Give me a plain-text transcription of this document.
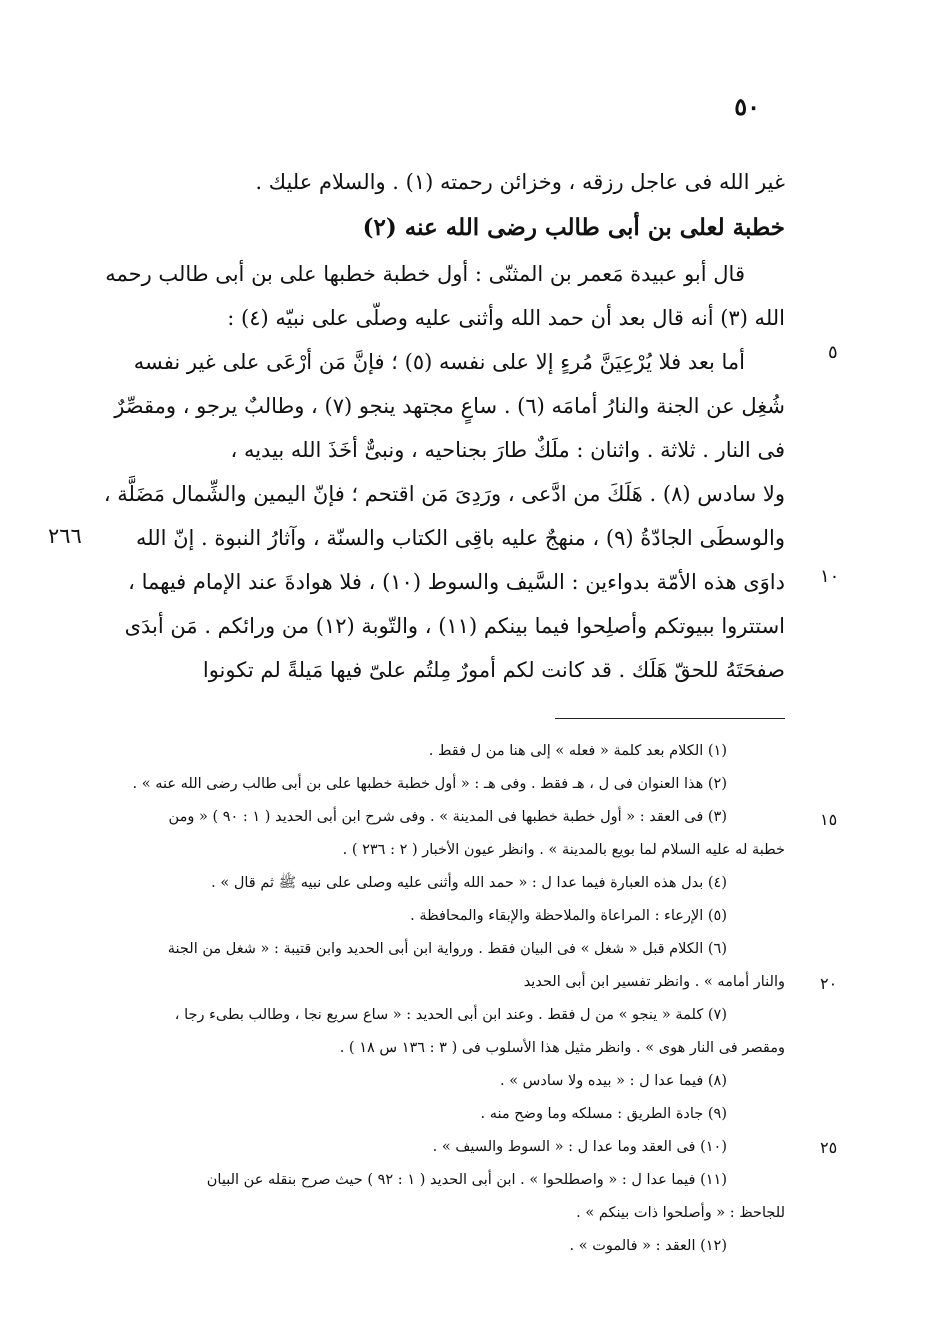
٥٠
غير الله فى عاجل رزقه ، وخزائن رحمته (١) . والسلام عليك .
خطبة لعلى بن أبى طالب رضى الله عنه (٢)
قال أبو عبيدة مَعمر بن المثنّى : أول خطبة خطبها على بن أبى طالب رحمه
الله (٣) أنه قال بعد أن حمد الله وأثنى عليه وصلّى على نبيّه (٤) :
أما بعد فلا يُرْعِيَنَّ مُرءٍ إلا على نفسه (٥) ؛ فإنَّ مَن أرْعَى على غير نفسه
شُغِل عن الجنة والنارُ أمامَه (٦) . ساعٍ مجتهد ينجو (٧) ، وطالبٌ يرجو ، ومقصِّرٌ
فى النار . ثلاثة . واثنان : ملَكٌ طارَ بجناحيه ، ونبىٌّ أخَذَ الله بيديه ،
ولا سادس (٨) . هَلَكَ من ادَّعى ، ورَدِىَ مَن اقتحم ؛ فإنّ اليمين والشِّمال مَضَلَّة ،
والوسطَى الجادّةُ (٩) ، منهجٌ عليه باقِى الكتاب والسنّة ، وآثارُ النبوة . إنّ الله
داوَى هذه الأمّة بدواءين : السَّيف والسوط (١٠) ، فلا هوادةَ عند الإمام فيهما ،
استتروا ببيوتكم وأصلِحوا فيما بينكم (١١) ، والتّوبة (١٢) من ورائكم . مَن أبدَى
صفحَتَهُ للحقّ هَلَك . قد كانت لكم أمورٌ مِلتُم علىّ فيها مَيلةً لم تكونوا
٥
١٠
٢٦٦
(١) الكلام بعد كلمة « فعله » إلى هنا من ل فقط .
(٢) هذا العنوان فى ل ، هـ فقط . وفى هـ : « أول خطبة خطبها على بن أبى طالب رضى الله عنه » .
(٣) فى العقد : « أول خطبة خطبها فى المدينة » . وفى شرح ابن أبى الحديد ( ١ : ٩٠ ) « ومن
خطبة له عليه السلام لما بويع بالمدينة » . وانظر عيون الأخبار ( ٢ : ٢٣٦ ) .
(٤) بدل هذه العبارة فيما عدا ل : « حمد الله وأثنى عليه وصلى على نبيه ﷺ ثم قال » .
(٥) الإرعاء : المراعاة والملاحظة والإبقاء والمحافظة .
(٦) الكلام قبل « شغل » فى البيان فقط . ورواية ابن أبى الحديد وابن قتيبة : « شغل من الجنة
والنار أمامه » . وانظر تفسير ابن أبى الحديد
(٧) كلمة « ينجو » من ل فقط . وعند ابن أبى الحديد : « ساع سريع نجا ، وطالب بطىء رجا ،
ومقصر فى النار هوى » . وانظر مثيل هذا الأسلوب فى ( ٣ : ١٣٦ س ١٨ ) .
(٨) فيما عدا ل : « بيده ولا سادس » .
(٩) جادة الطريق : مسلكه وما وضح منه .
(١٠) فى العقد وما عدا ل : « السوط والسيف » .
(١١) فيما عدا ل : « واصطلحوا » . ابن أبى الحديد ( ١ : ٩٢ ) حيث صرح بنقله عن البيان
للجاحظ : « وأصلحوا ذات بينكم » .
(١٢) العقد : « فالموت » .
١٥
٢٠
٢٥
